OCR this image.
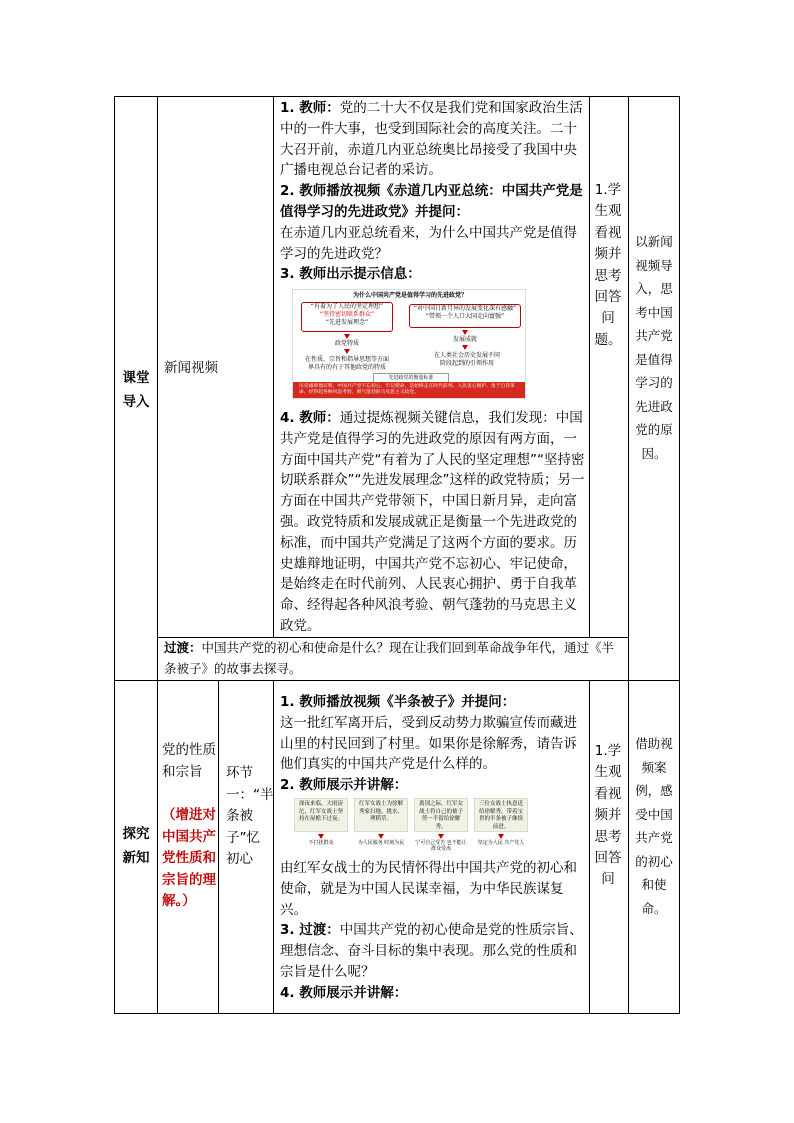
课堂导入
新闻视频

1. 教师：党的二十大不仅是我们党和国家政治生活中的一件大事，也受到国际社会的高度关注。二十大召开前，赤道几内亚总统奥比昂接受了我国中央广播电视总台记者的采访。

2. 教师播放视频《赤道几内亚总统：中国共产党是值得学习的先进政党》并提问：

在赤道几内亚总统看来，为什么中国共产党是值得学习的先进政党？

3. 教师出示提示信息：

为什么中国共产党是值得学习的先进政党？
“有着为了人民的坚定理想”
“坚持密切联系群众”
“先进发展理念”
“对中国日新月异的发展变化深有感触”
“带领一个人口大国走向富强”
政党特质
发展成就
在性质、宗旨和指导思想等方面
界具有的有于其他政党的特质
在人类社会历史发展不同
阶段起到的引领作用
先进政党的衡量标准
历史雄辩地证明，中国共产党不忘初心、牢记使命，是始终走在时代前列、人民衷心拥护、勇于自我革命、经得起各种风浪考验、朝气蓬勃的马克思主义政党。

4. 教师：通过提炼视频关键信息，我们发现：中国共产党是值得学习的先进政党的原因有两方面，一方面中国共产党“有着为了人民的坚定理想”“坚持密切联系群众”“先进发展理念”这样的政党特质；另一方面在中国共产党带领下，中国日新月异，走向富强。政党特质和发展成就正是衡量一个先进政党的标准，而中国共产党满足了这两个方面的要求。历史雄辩地证明，中国共产党不忘初心、牢记使命，是始终走在时代前列、人民衷心拥护、勇于自我革命、经得起各种风浪考验、朝气蓬勃的马克思主义政党。

1.学生观看视频并思考回答问题。
以新闻视频导入，思考中国共产党是值得学习的先进政党的原因。
过渡：中国共产党的初心和使命是什么？现在让我们回到革命战争年代，通过《半条被子》的故事去探寻。
探究新知
党的性质和宗旨
（增进对中国共产党性质和宗旨的理解。）
环节一：“半条被子”忆初心

1. 教师播放视频《半条被子》并提问：

这一批红军离开后，受到反动势力欺骗宣传而藏进山里的村民回到了村里。如果你是徐解秀，请告诉他们真实的中国共产党是什么样的。

2. 教师展示并讲解：

深夜来临，大雨滂沱，红军女战士坚持在屋檐下过夜。
红军女战士为徐解秀家扫地、挑水、理稻草。
离别之际，红军女战士将自己的被子剪一半留给徐解秀。
三位女战士执意送给徐解秀，带着宝贵的半条被子继续前进。
不打扰群众	为人民服务 时刻为民	宁可自己受苦 也不能让群众受冻
坚定为人民 共产党人

由红军女战士的为民情怀得出中国共产党的初心和使命，就是为中国人民谋幸福，为中华民族谋复兴。

3. 过渡：中国共产党的初心使命是党的性质宗旨、理想信念、奋斗目标的集中表现。那么党的性质和宗旨是什么呢？

4. 教师展示并讲解：

1.学生观看视频并思考回答问
借助视频案例，感受中国共产党的初心和使命。
